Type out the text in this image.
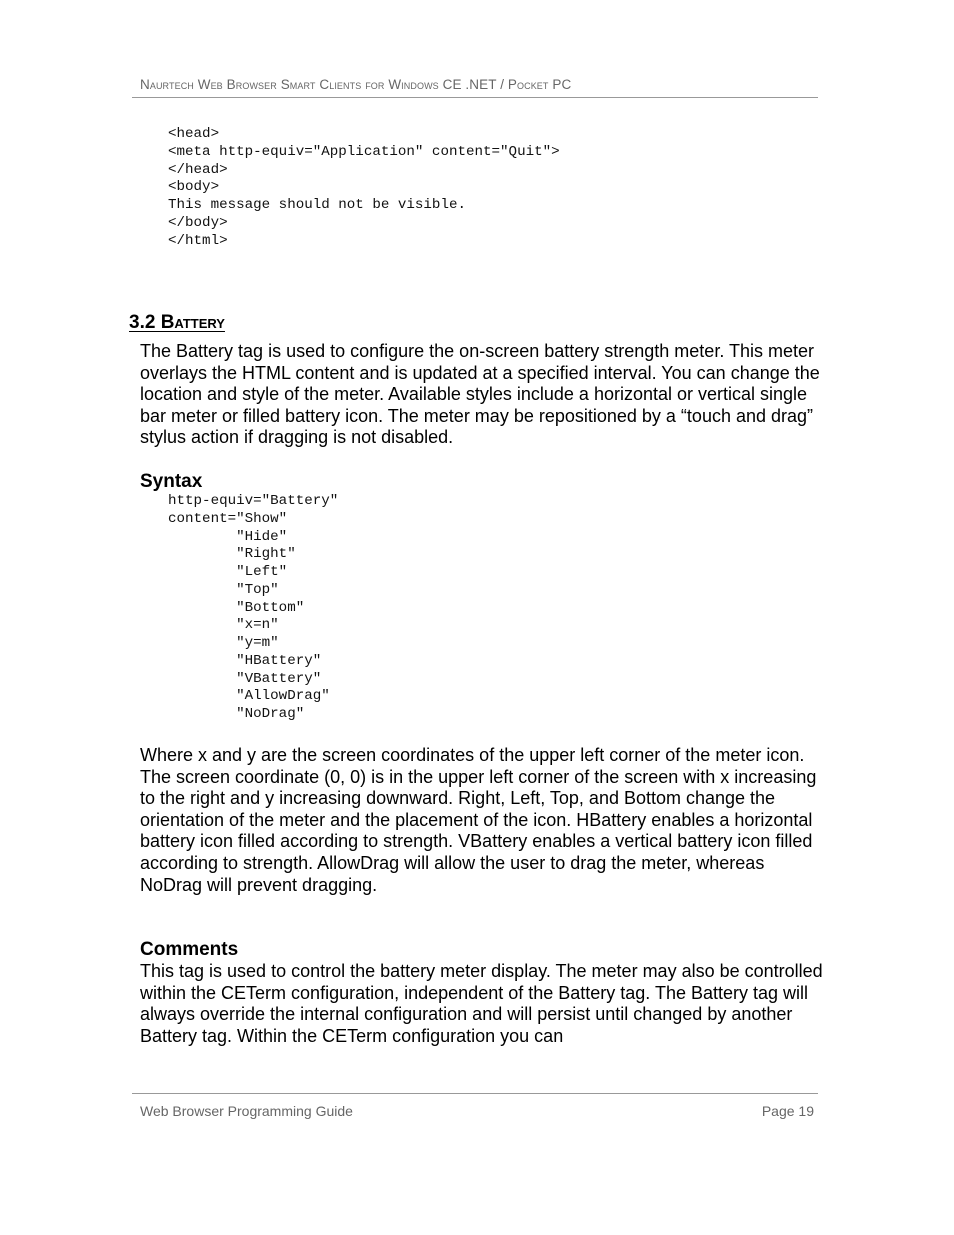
Naurtech Web Browser Smart Clients for Windows CE .NET / Pocket PC
<head>
<meta http-equiv="Application" content="Quit">
</head>
<body>
This message should not be visible.
</body>
</html>
3.2 Battery

The Battery tag is used to configure the on-screen battery strength meter. This meter overlays the HTML content and is updated at a specified interval. You can change the location and style of the meter. Available styles include a horizontal or vertical single bar meter or filled battery icon. The meter may be repositioned by a “touch and drag” stylus action if dragging is not disabled.

Syntax
http-equiv="Battery"
content="Show"
"Hide"
"Right"
"Left"
"Top"
"Bottom"
"x=n"
"y=m"
"HBattery"
"VBattery"
"AllowDrag"
"NoDrag"

Where x and y are the screen coordinates of the upper left corner of the meter icon. The screen coordinate (0, 0) is in the upper left corner of the screen with x increasing to the right and y increasing downward. Right, Left, Top, and Bottom change the orientation of the meter and the placement of the icon. HBattery enables a horizontal battery icon filled according to strength. VBattery enables a vertical battery icon filled according to strength. AllowDrag will allow the user to drag the meter, whereas NoDrag will prevent dragging.

Comments

This tag is used to control the battery meter display. The meter may also be controlled within the CETerm configuration, independent of the Battery tag. The Battery tag will always override the internal configuration and will persist until changed by another Battery tag. Within the CETerm configuration you can

Web Browser Programming Guide	Page 19
